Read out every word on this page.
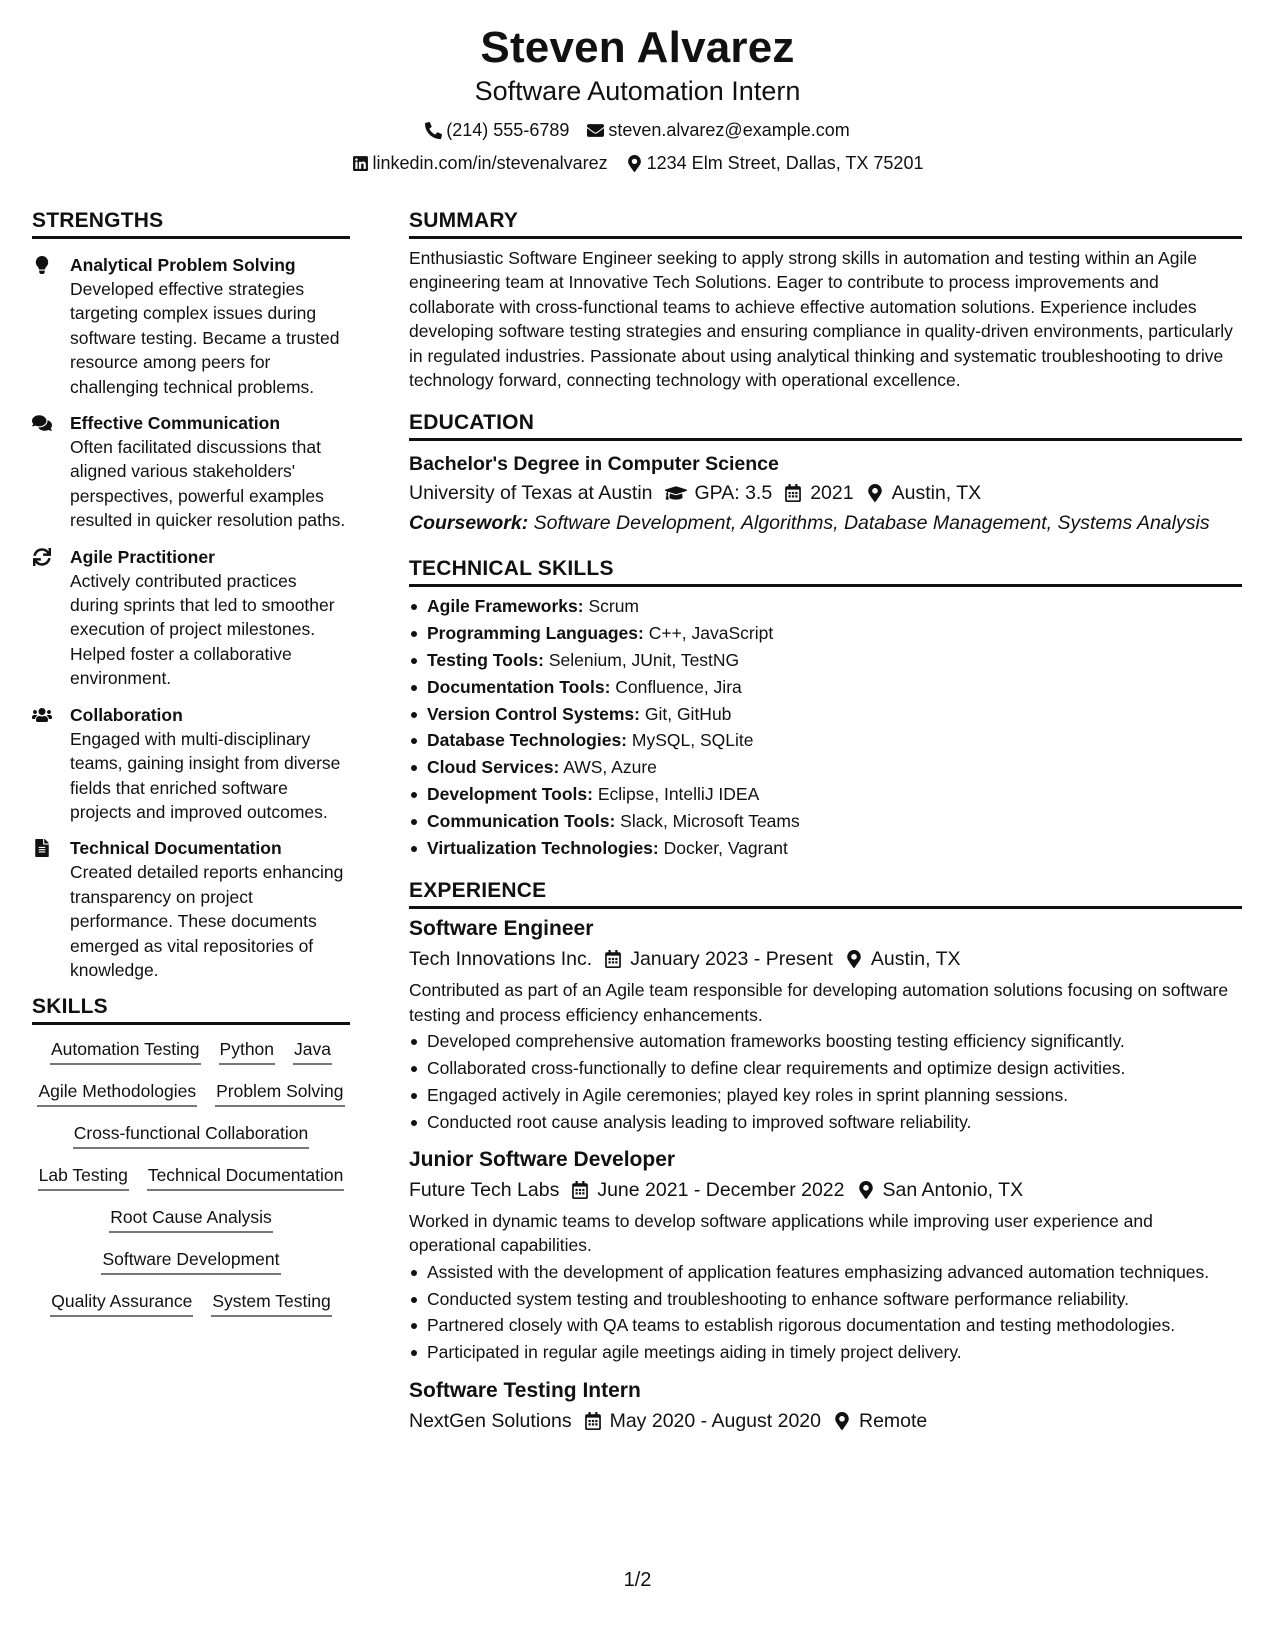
Steven Alvarez
Software Automation Intern
(214) 555-6789 steven.alvarez@example.com
linkedin.com/in/stevenalvarez 1234 Elm Street, Dallas, TX 75201
STRENGTHS
Analytical Problem Solving
Developed effective strategies targeting complex issues during software testing. Became a trusted resource among peers for challenging technical problems.
Effective Communication
Often facilitated discussions that aligned various stakeholders' perspectives, powerful examples resulted in quicker resolution paths.
Agile Practitioner
Actively contributed practices during sprints that led to smoother execution of project milestones. Helped foster a collaborative environment.
Collaboration
Engaged with multi-disciplinary teams, gaining insight from diverse fields that enriched software projects and improved outcomes.
Technical Documentation
Created detailed reports enhancing transparency on project performance. These documents emerged as vital repositories of knowledge.
SKILLS
Automation Testing Python Java
Agile Methodologies Problem Solving
Cross-functional Collaboration
Lab Testing Technical Documentation
Root Cause Analysis
Software Development
Quality Assurance System Testing
SUMMARY
Enthusiastic Software Engineer seeking to apply strong skills in automation and testing within an Agile engineering team at Innovative Tech Solutions. Eager to contribute to process improvements and collaborate with cross-functional teams to achieve effective automation solutions. Experience includes developing software testing strategies and ensuring compliance in quality-driven environments, particularly in regulated industries. Passionate about using analytical thinking and systematic troubleshooting to drive technology forward, connecting technology with operational excellence.
EDUCATION
Bachelor's Degree in Computer Science
University of Texas at Austin GPA: 3.5 2021 Austin, TX
Coursework: Software Development, Algorithms, Database Management, Systems Analysis
TECHNICAL SKILLS
Agile Frameworks: Scrum
Programming Languages: C++, JavaScript
Testing Tools: Selenium, JUnit, TestNG
Documentation Tools: Confluence, Jira
Version Control Systems: Git, GitHub
Database Technologies: MySQL, SQLite
Cloud Services: AWS, Azure
Development Tools: Eclipse, IntelliJ IDEA
Communication Tools: Slack, Microsoft Teams
Virtualization Technologies: Docker, Vagrant
EXPERIENCE
Software Engineer
Tech Innovations Inc. January 2023 - Present Austin, TX
Contributed as part of an Agile team responsible for developing automation solutions focusing on software testing and process efficiency enhancements.
Developed comprehensive automation frameworks boosting testing efficiency significantly.
Collaborated cross-functionally to define clear requirements and optimize design activities.
Engaged actively in Agile ceremonies; played key roles in sprint planning sessions.
Conducted root cause analysis leading to improved software reliability.
Junior Software Developer
Future Tech Labs June 2021 - December 2022 San Antonio, TX
Worked in dynamic teams to develop software applications while improving user experience and operational capabilities.
Assisted with the development of application features emphasizing advanced automation techniques.
Conducted system testing and troubleshooting to enhance software performance reliability.
Partnered closely with QA teams to establish rigorous documentation and testing methodologies.
Participated in regular agile meetings aiding in timely project delivery.
Software Testing Intern
NextGen Solutions May 2020 - August 2020 Remote
1/2
